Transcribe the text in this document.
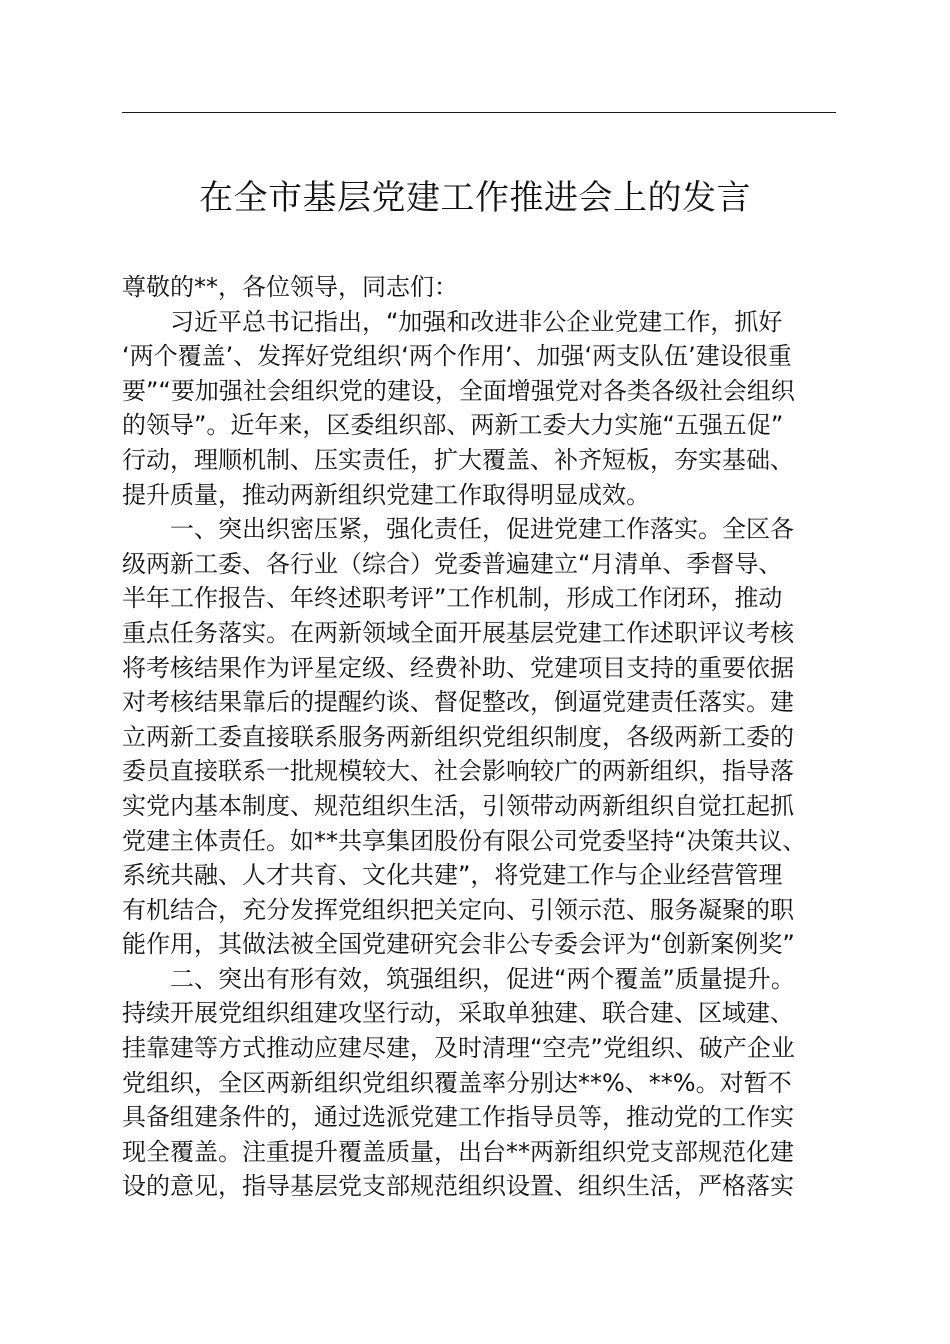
在全市基层党建工作推进会上的发言
尊敬的**，各位领导，同志们：
习近平总书记指出，“加强和改进非公企业党建工作，抓好
‘两个覆盖’、发挥好党组织‘两个作用’、加强‘两支队伍’建设很重
要”“要加强社会组织党的建设，全面增强党对各类各级社会组织
的领导”。近年来，区委组织部、两新工委大力实施“五强五促”
行动，理顺机制、压实责任，扩大覆盖、补齐短板，夯实基础、
提升质量，推动两新组织党建工作取得明显成效。
一、突出织密压紧，强化责任，促进党建工作落实。全区各
级两新工委、各行业（综合）党委普遍建立“月清单、季督导、
半年工作报告、年终述职考评”工作机制，形成工作闭环，推动
重点任务落实。在两新领域全面开展基层党建工作述职评议考核
将考核结果作为评星定级、经费补助、党建项目支持的重要依据
对考核结果靠后的提醒约谈、督促整改，倒逼党建责任落实。建
立两新工委直接联系服务两新组织党组织制度，各级两新工委的
委员直接联系一批规模较大、社会影响较广的两新组织，指导落
实党内基本制度、规范组织生活，引领带动两新组织自觉扛起抓
党建主体责任。如**共享集团股份有限公司党委坚持“决策共议、
系统共融、人才共育、文化共建”，将党建工作与企业经营管理
有机结合，充分发挥党组织把关定向、引领示范、服务凝聚的职
能作用，其做法被全国党建研究会非公专委会评为“创新案例奖”
二、突出有形有效，筑强组织，促进“两个覆盖”质量提升。
持续开展党组织组建攻坚行动，采取单独建、联合建、区域建、
挂靠建等方式推动应建尽建，及时清理“空壳”党组织、破产企业
党组织，全区两新组织党组织覆盖率分别达**%、**%。对暂不
具备组建条件的，通过选派党建工作指导员等，推动党的工作实
现全覆盖。注重提升覆盖质量，出台**两新组织党支部规范化建
设的意见，指导基层党支部规范组织设置、组织生活，严格落实
